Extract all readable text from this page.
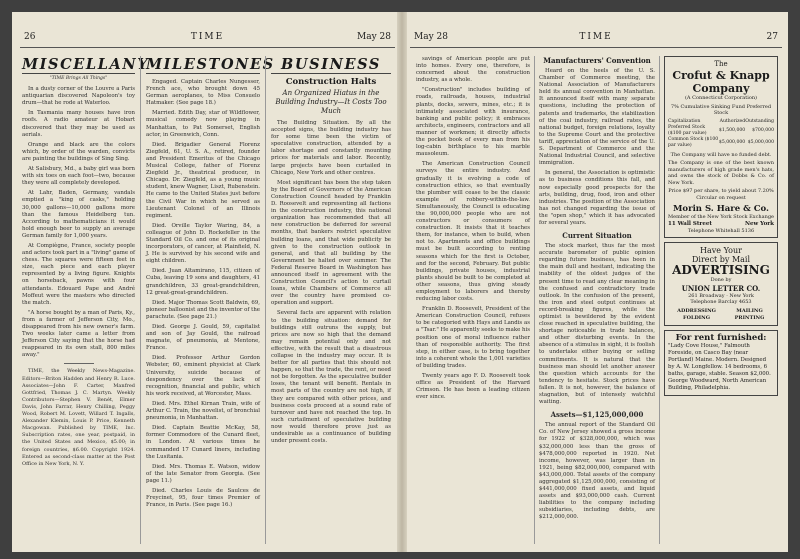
26	TIME	May 28
MISCELLANY
"TIME Brings All Things"

In a dusty corner of the Louvre a Paris antiquarian discovered Napoleon's toy drum—that he rode at Waterloo.

In Tasmania many houses have iron roofs. A radio amateur at Hobart discovered that they may be used as aerials.

Orange and black are the colors which, by order of the warden, convicts are painting the buildings of Sing Sing.

At Salisbury, Md., a baby girl was born with six toes on each foot—two, because they were all completely developed.

At Lahr, Baden, Germany, vandals emptied a "king of casks," holding 30,000 gallons—10,000 gallons more than the famous Heidelberg tun. According to mathematicians it would hold enough beer to supply an average German family for 1,000 years.

At Compiègne, France, society people and actors took part in a "living" game of chess. The squares were fifteen feet in size, each piece and each player represented by a living figure. Knights on horseback, pawns with four attendants. Edouard Pape and André Moffeut were the masters who directed the match.

"A horse bought by a man of Paris, Ky., from a farmer of Jefferson City, Mo., disappeared from his new owner's farm. Two weeks later came a letter from Jefferson City saying that the horse had reappeared in its own stall, 800 miles away."

TIME, the Weekly News-Magazine. Editors—Briton Hadden and Henry R. Luce. Associates—John F. Carter, Manfred Gottfried, Thomas J. C. Martyn. Weekly Contributors—Stephen V. Benét, Elmer Davis, John Farrar, Henry Chilling, Peggy Wood, Robert M. Lovett, Willard T. Ingalls, Alexander Klemin, Louis P. Price, Kenneth Macgowan. Published by TIME, Inc. Subscription rates, one year, postpaid, in the United States and Mexico, $5.00; in foreign countries, $6.00. Copyright 1924. Entered as second-class matter at the Post Office in New York, N. Y.

MILESTONES

Engaged. Captain Charles Nungesser, French ace, who brought down 45 German aeroplanes, to Miss Consuelo Hatmaker. (See page 18.)

Married. Edith Day, star of Wildflower, musical comedy now playing in Manhattan, to Pat Somerset, English actor, in Greenwich, Conn.

Died. Brigadier General Florenz Ziegfeld, 61, U. S. A., retired, founder and President Emeritus of the Chicago Musical College, father of Florenz Ziegfeld Jr., theatrical producer, in Chicago. Dr. Ziegfeld, as a young music student, knew Wagner, Liszt, Rubenstein. He came to the United States just before the Civil War in which he served as Lieutenant Colonel of an Illinois regiment.

Died. Orville Taylor Waring, 84, a colleague of John D. Rockefeller in the Standard Oil Co. and one of its original incorporators, of cancer, at Plainfield, N. J. He is survived by his second wife and eight children.

Died. Juan Altamirano, 115, citizen of Cuba, leaving 19 sons and daughters, 41 grandchildren, 33 great-grandchildren, 12 great-great-grandchildren.

Died. Major Thomas Scott Baldwin, 69, pioneer balloonist and the inventor of the parachute. (See page 21.)

Died. George J. Gould, 59, capitalist and son of Jay Gould, the railroad magnate, of pneumonia, at Mentone, France.

Died. Professor Arthur Gordon Webster, 60, eminent physicist at Clark University, suicide because of despondency over the lack of recognition, financial and public, which his work received, at Worcester, Mass.

Died. Mrs. Ethel Kirnan Train, wife of Arthur C. Train, the novelist, of bronchial pneumonia, in Manhattan.

Died. Captain Beattie McKay, 58, former Commodore of the Cunard fleet, in London. At various times he commanded 17 Cunard liners, including the Lusitania.

Died. Mrs. Thomas E. Watson, widow of the late Senator from Georgia. (See page 11.)

Died. Charles Louis de Saulces de Freycinet, 95, four times Premier of France, in Paris. (See page 16.)

BUSINESS
Construction Halts
An Organized Hiatus in the Building Industry—It Costs Too Much

The Building Situation. By all the accepted signs, the building industry has for some time been the victim of speculative construction, attended by a labor shortage and constantly mounting prices for materials and labor. Recently, large projects have been curtailed in Chicago, New York and other centres.

Most significant has been the step taken by the Board of Governors of the American Construction Council headed by Franklin D. Roosevelt and representing all factions in the construction industry, this national organization has recommended that all new construction be deferred for several months, that bankers restrict speculative building loans, and that wide publicity be given to the construction outlook in general, and that all building by the Government be halted over summer. The Federal Reserve Board in Washington has announced itself in agreement with the Construction Council's action to curtail loans, while Chambers of Commerce all over the country have promised co-operation and support.

Several facts are apparent with relation to the building situation: demand for buildings still outruns the supply, but prices are now so high that the demand may remain potential only and not effective, with the result that a disastrous collapse in the industry may occur. It is better for all parties that this should not happen, so that the trade, the rent, or need not be forgotten. As the speculative builder loses, the tenant will benefit. Rentals in most parts of the country are not high, if they are compared with other prices, and business costs proceed at a sound rate of turnover and have not reached the top. In such curtailment of speculative building now would therefore prove just as undesirable as a continuance of building under present costs.

May 28	TIME	27

savings of American people are put into homes. Every one, therefore, is concerned about the construction industry, as a whole.

"Construction" includes building of roads, railroads, houses, industrial plants, docks, sewers, mines, etc.; it is intimately associated with insurance, banking and public policy; it embraces architects, engineers, contractors and all manner of workmen; it directly affects the pocket book of every man from his log-cabin birthplace to his marble mausoleum.

The American Construction Council surveys the entire industry. And gradually it is evolving a code of construction ethics, so that eventually the plumber will cease to be the classic example of robbery-within-the-law. Simultaneously, the Council is educating the 90,000,000 people who are not constructors or consumers of construction. It insists that it teaches them, for instance, when to build, when not to. Apartments and office buildings must be built according to renting seasons which for the first is October, and for the second, February. But public buildings, private houses, industrial plants should be built to be completed at other seasons, thus giving steady employment to laborers and thereby reducing labor costs.

Franklin D. Roosevelt, President of the American Construction Council, refuses to be categoried with Hays and Landis as a "Tsar." He apparently seeks to make his position one of moral influence rather than of responsible authority. The first step, in either case, is to bring together into a coherent whole the 1,001 varieties of building trades.

Twenty years ago F. D. Roosevelt took office as President of the Harvard Crimson. He has been a leading citizen ever since.

Manufacturers' Convention

Heard on the heels of the U. S. Chamber of Commerce meeting, the National Association of Manufacturers held its annual convention in Manhattan. It announced itself with many separate questions, including the protection of patents and trademarks, the stabilization of the coal industry, railroad rates, the national budget, foreign relations, loyalty to the Supreme Court and the protective tariff, appreciation of the service of the U. S. Department of Commerce and the National Industrial Council, and selective immigration.

In general, the Association is optimistic as to business conditions this fall, and now especially good prospects for the arts, building, drug, food, iron and other industries. The position of the Association has not changed regarding the issue of the "open shop," which it has advocated for several years.

Current Situation

The stock market, thus far the most accurate barometer of public opinion regarding future business, has been in the main dull and hesitant, indicating the inability of the oldest judges of the present time to read any clear meaning in the confused and contradictory trade outlook. In the confusion of the present, the iron and steel output continues at record-breaking figures, while the optimist is bewildered by the evident close reached in speculative building, the shortage noticeable in trade balances, and other disturbing events. In the absence of a stimulus in sight, it is foolish to undertake either buying or selling commitments. It is natural that the business man should let another answer the question which accounts for the tendency to hesitate. Stock prices have fallen. It is not, however, the balance of stagnation, but of intensely watchful waiting.

Assets—$1,125,000,000

The annual report of the Standard Oil Co. of New Jersey showed a gross income for 1922 of $328,000,000, which was $32,000,000 less than the gross of $478,000,000 reported in 1920. Net income, however, was larger than in 1921, being $82,000,000, compared with $43,000,000. Total assets of the company aggregated $1,125,000,000, consisting of $441,000,000 fixed assets, and liquid assets and $93,000,000 cash. Current liabilities to the company including subsidiaries, including debts, are $212,000,000.

The
Crofut & Knapp Company
(A Connecticut Corporation)
7% Cumulative Sinking Fund Preferred Stock
Capitalization	Authorized	Outstanding
Preferred Stock ($100 par value)	$1,500,000	$700,000
Common Stock ($100 par value)	$5,000,000	$5,000,000
The Company will have no funded debt.
The Company is one of the best known manufacturers of high grade men's hats, and owns the stock of Dobbs & Co. of New York.
Price $97 per share, to yield about 7.20%
Circular on request
Morin S. Hare & Co.
Member of the New York Stock Exchange
11 Wall Street	New York
Telephone Whitehall 5136
Have Your
Direct by Mail
ADVERTISING
Done by
UNION LETTER CO.
261 Broadway · New York
Telephone Barclay 4653
ADDRESSING FOLDING
MAILING PRINTING
For rent furnished:
"Lady Cove House," Falmouth Foreside, on Casco Bay (near Portland) Maine. Modern. Designed by A. W. Longfellow. 14 bedrooms, 6 baths, garage, stable. Season $2,000. George Woodward, North American Building, Philadelphia.
